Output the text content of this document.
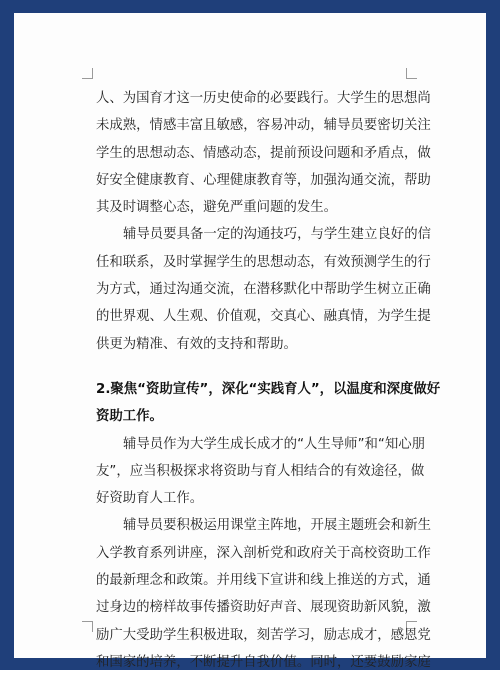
人、为国育才这一历史使命的必要践行。大学生的思想尚
未成熟，情感丰富且敏感，容易冲动，辅导员要密切关注
学生的思想动态、情感动态，提前预设问题和矛盾点，做
好安全健康教育、心理健康教育等，加强沟通交流，帮助
其及时调整心态，避免严重问题的发生。

辅导员要具备一定的沟通技巧，与学生建立良好的信
任和联系，及时掌握学生的思想动态，有效预测学生的行
为方式，通过沟通交流，在潜移默化中帮助学生树立正确
的世界观、人生观、价值观，交真心、融真情，为学生提
供更为精准、有效的支持和帮助。

2.聚焦“资助宣传”，深化“实践育人”，以温度和深度做好
资助工作。

辅导员作为大学生成长成才的“人生导师”和“知心朋
友”，应当积极探求将资助与育人相结合的有效途径，做
好资助育人工作。

辅导员要积极运用课堂主阵地，开展主题班会和新生
入学教育系列讲座，深入剖析党和政府关于高校资助工作
的最新理念和政策。并用线下宣讲和线上推送的方式，通
过身边的榜样故事传播资助好声音、展现资助新风貌，激
励广大受助学生积极进取，刻苦学习，励志成才，感恩党
和国家的培养，不断提升自我价值。同时，还要鼓励家庭
